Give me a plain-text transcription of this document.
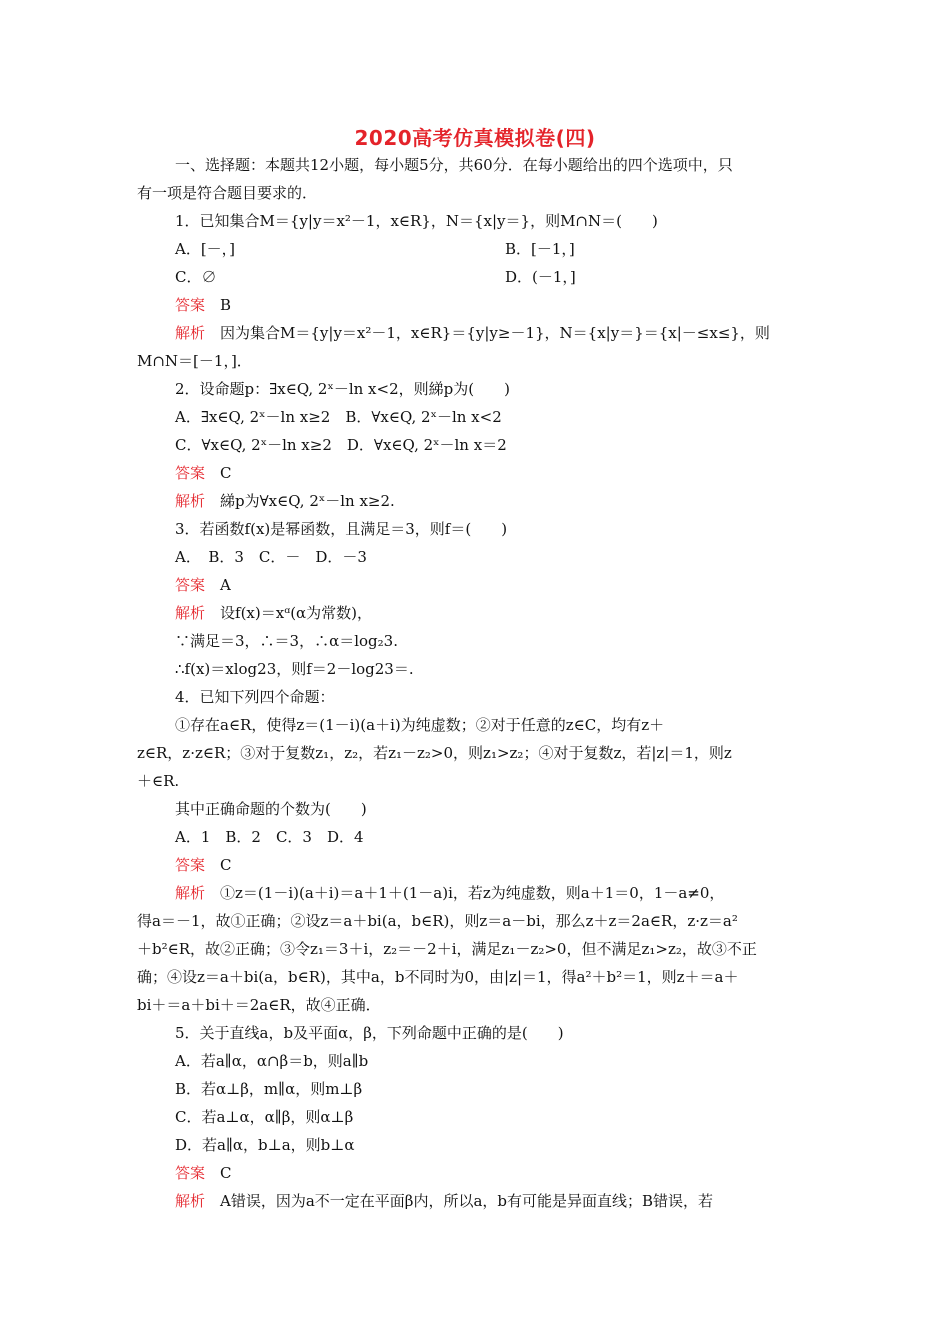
2020高考仿真模拟卷(四)
一、选择题：本题共12小题，每小题5分，共60分．在每小题给出的四个选项中，只
有一项是符合题目要求的．
1．已知集合M＝{y|y＝x²－1，x∈R}，N＝{x|y＝}，则M∩N＝(　　)
A．[－，]	B．[－1，]
C．∅	D．(－1，]
答案　B
解析　因为集合M＝{y|y＝x²－1，x∈R}＝{y|y≥－1}，N＝{x|y＝}＝{x|－≤x≤}，则
M∩N＝[－1，]．
2．设命题p：∃x∈Q, 2ˣ－ln x<2，则綈p为(　　)
A．∃x∈Q, 2ˣ－ln x≥2　B．∀x∈Q, 2ˣ－ln x<2
C．∀x∈Q, 2ˣ－ln x≥2　D．∀x∈Q, 2ˣ－ln x＝2
答案　C
解析　綈p为∀x∈Q, 2ˣ－ln x≥2.
3．若函数f(x)是幂函数，且满足＝3，则f＝(　　)
A．　B．3　C．－　D．－3
答案　A
解析　设f(x)＝xᵅ(α为常数)，
∵满足＝3，∴＝3，∴α＝log₂3.
∴f(x)＝xlog23，则f＝2－log23＝.
4．已知下列四个命题：
①存在a∈R，使得z＝(1－i)(a＋i)为纯虚数；②对于任意的z∈C，均有z＋
z∈R，z·z∈R；③对于复数z₁，z₂，若z₁－z₂>0，则z₁>z₂；④对于复数z，若|z|＝1，则z
＋∈R.
其中正确命题的个数为(　　)
A．1　B．2　C．3　D．4
答案　C
解析　①z＝(1－i)(a＋i)＝a＋1＋(1－a)i，若z为纯虚数，则a＋1＝0，1－a≠0，
得a＝－1，故①正确；②设z＝a＋bi(a，b∈R)，则z＝a－bi，那么z＋z＝2a∈R，z·z＝a²
＋b²∈R，故②正确；③令z₁＝3＋i，z₂＝－2＋i，满足z₁－z₂>0，但不满足z₁>z₂，故③不正
确；④设z＝a＋bi(a，b∈R)，其中a，b不同时为0，由|z|＝1，得a²＋b²＝1，则z＋＝a＋
bi＋＝a＋bi＋＝2a∈R，故④正确．
5．关于直线a，b及平面α，β，下列命题中正确的是(　　)
A．若a∥α，α∩β＝b，则a∥b
B．若α⊥β，m∥α，则m⊥β
C．若a⊥α，α∥β，则α⊥β
D．若a∥α，b⊥a，则b⊥α
答案　C
解析　A错误，因为a不一定在平面β内，所以a，b有可能是异面直线；B错误，若
